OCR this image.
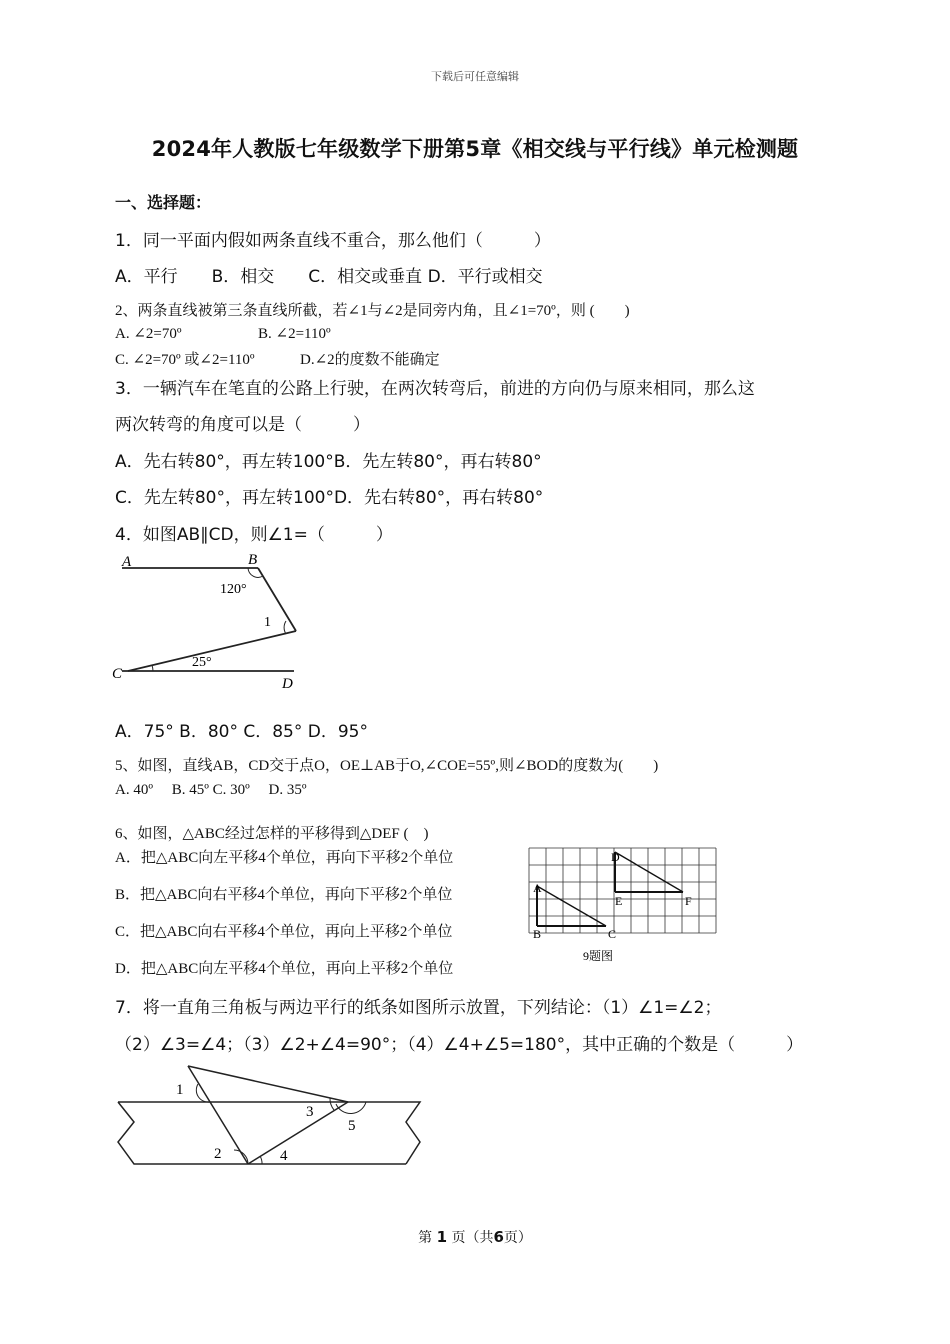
下载后可任意编辑
2024年人教版七年级数学下册第5章《相交线与平行线》单元检测题
一、选择题：
1．同一平面内假如两条直线不重合，那么他们（　　　）
A．平行　　B．相交　　C．相交或垂直 D．平行或相交
2、两条直线被第三条直线所截，若∠1与∠2是同旁内角，且∠1=70º，则 (　　)
A. ∠2=70º	B. ∠2=110º
C. ∠2=70º 或∠2=110º	D.∠2的度数不能确定
3．一辆汽车在笔直的公路上行驶，在两次转弯后，前进的方向仍与原来相同，那么这
两次转弯的角度可以是（　　　）
A．先右转80°，再左转100°B．先左转80°，再右转80°
C．先左转80°，再左转100°D．先右转80°，再右转80°
4．如图AB∥CD，则∠1=（　　　）
A	B
C
D
120°
1
25°
A．75° B．80° C．85° D．95°
5、如图，直线AB，CD交于点O，OE⊥AB于O,∠COE=55º,则∠BOD的度数为(　　)
A. 40º　 B. 45º C. 30º　 D. 35º
6、如图，△ABC经过怎样的平移得到△DEF (　)
A．把△ABC向左平移4个单位，再向下平移2个单位
B．把△ABC向右平移4个单位，再向下平移2个单位
C．把△ABC向右平移4个单位，再向上平移2个单位
D．把△ABC向左平移4个单位，再向上平移2个单位
A
B	C
D
E	F
9题图
7．将一直角三角板与两边平行的纸条如图所示放置，下列结论：（1）∠1=∠2；
（2）∠3=∠4；（3）∠2+∠4=90°；（4）∠4+∠5=180°，其中正确的个数是（　　　）
1
2
3
4
5
第 1 页（共6页）
